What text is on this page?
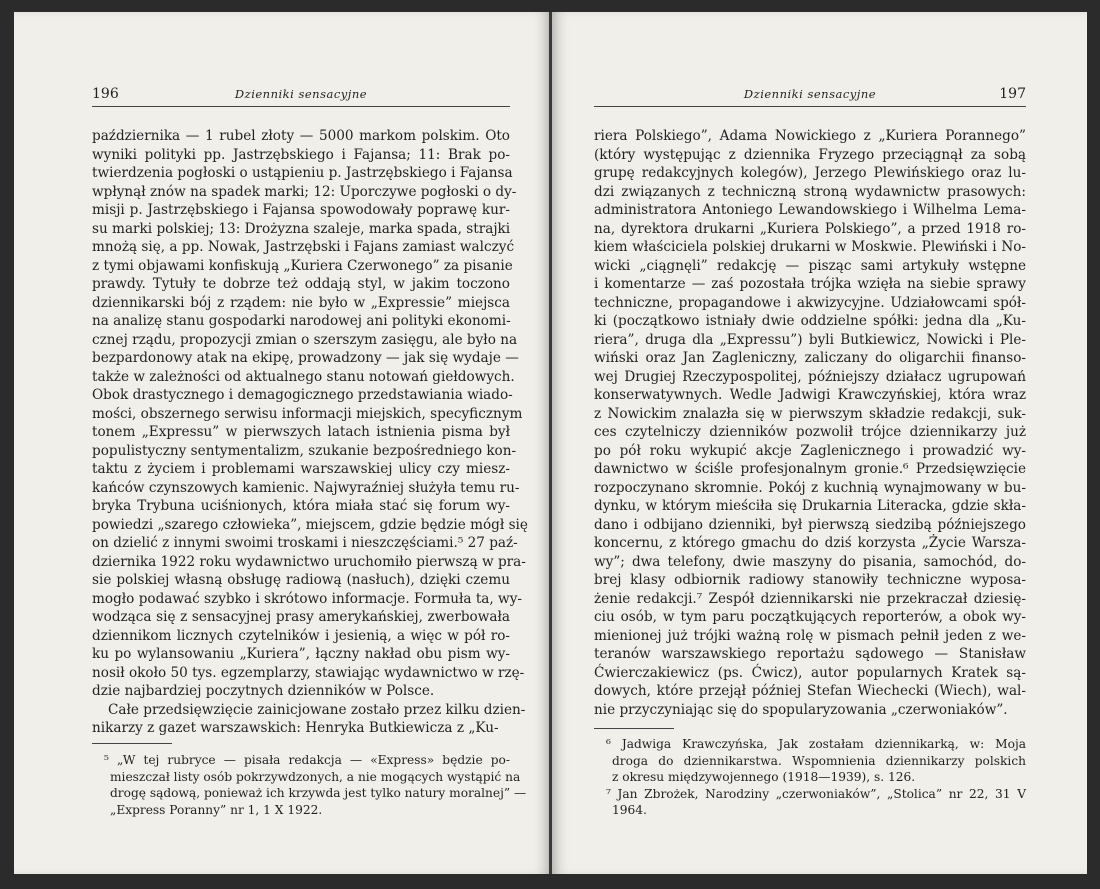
196	Dzienniki sensacyjne
października — 1 rubel złoty — 5000 markom polskim. Oto
wyniki polityki pp. Jastrzębskiego i Fajansa; 11: Brak po-
twierdzenia pogłoski o ustąpieniu p. Jastrzębskiego i Fajansa
wpłynął znów na spadek marki; 12: Uporczywe pogłoski o dy-
misji p. Jastrzębskiego i Fajansa spowodowały poprawę kur-
su marki polskiej; 13: Drożyzna szaleje, marka spada, strajki
mnożą się, a pp. Nowak, Jastrzębski i Fajans zamiast walczyć
z tymi objawami konfiskują „Kuriera Czerwonego” za pisanie
prawdy. Tytuły te dobrze też oddają styl, w jakim toczono
dziennikarski bój z rządem: nie było w „Expressie” miejsca
na analizę stanu gospodarki narodowej ani polityki ekonomi-
cznej rządu, propozycji zmian o szerszym zasięgu, ale było na
bezpardonowy atak na ekipę, prowadzony — jak się wydaje —
także w zależności od aktualnego stanu notowań giełdowych.
Obok drastycznego i demagogicznego przedstawiania wiado-
mości, obszernego serwisu informacji miejskich, specyficznym
tonem „Expressu” w pierwszych latach istnienia pisma był
populistyczny sentymentalizm, szukanie bezpośredniego kon-
taktu z życiem i problemami warszawskiej ulicy czy miesz-
kańców czynszowych kamienic. Najwyraźniej służyła temu ru-
bryka Trybuna uciśnionych, która miała stać się forum wy-
powiedzi „szarego człowieka”, miejscem, gdzie będzie mógł się
on dzielić z innymi swoimi troskami i nieszczęściami.⁵ 27 paź-
dziernika 1922 roku wydawnictwo uruchomiło pierwszą w pra-
sie polskiej własną obsługę radiową (nasłuch), dzięki czemu
mogło podawać szybko i skrótowo informacje. Formuła ta, wy-
wodząca się z sensacyjnej prasy amerykańskiej, zwerbowała
dziennikom licznych czytelników i jesienią, a więc w pół ro-
ku po wylansowaniu „Kuriera”, łączny nakład obu pism wy-
nosił około 50 tys. egzemplarzy, stawiając wydawnictwo w rzę-
dzie najbardziej poczytnych dzienników w Polsce.
Całe przedsięwzięcie zainicjowane zostało przez kilku dzien-
nikarzy z gazet warszawskich: Henryka Butkiewicza z „Ku-
⁵ „W tej rubryce — pisała redakcja — «Express» będzie po-
mieszczał listy osób pokrzywdzonych, a nie mogących wystąpić na
drogę sądową, ponieważ ich krzywda jest tylko natury moralnej” —
„Express Poranny” nr 1, 1 X 1922.
Dzienniki sensacyjne	197
riera Polskiego”, Adama Nowickiego z „Kuriera Porannego”
(który występując z dziennika Fryzego przeciągnął za sobą
grupę redakcyjnych kolegów), Jerzego Plewińskiego oraz lu-
dzi związanych z techniczną stroną wydawnictw prasowych:
administratora Antoniego Lewandowskiego i Wilhelma Lema-
na, dyrektora drukarni „Kuriera Polskiego”, a przed 1918 ro-
kiem właściciela polskiej drukarni w Moskwie. Plewiński i No-
wicki „ciągnęli” redakcję — pisząc sami artykuły wstępne
i komentarze — zaś pozostała trójka wzięła na siebie sprawy
techniczne, propagandowe i akwizycyjne. Udziałowcami spół-
ki (początkowo istniały dwie oddzielne spółki: jedna dla „Ku-
riera”, druga dla „Expressu”) byli Butkiewicz, Nowicki i Ple-
wiński oraz Jan Zagleniczny, zaliczany do oligarchii finanso-
wej Drugiej Rzeczypospolitej, późniejszy działacz ugrupowań
konserwatywnych. Wedle Jadwigi Krawczyńskiej, która wraz
z Nowickim znalazła się w pierwszym składzie redakcji, suk-
ces czytelniczy dzienników pozwolił trójce dziennikarzy już
po pół roku wykupić akcje Zaglenicznego i prowadzić wy-
dawnictwo w ściśle profesjonalnym gronie.⁶ Przedsięwzięcie
rozpoczynano skromnie. Pokój z kuchnią wynajmowany w bu-
dynku, w którym mieściła się Drukarnia Literacka, gdzie skła-
dano i odbijano dzienniki, był pierwszą siedzibą późniejszego
koncernu, z którego gmachu do dziś korzysta „Życie Warsza-
wy”; dwa telefony, dwie maszyny do pisania, samochód, do-
brej klasy odbiornik radiowy stanowiły techniczne wyposa-
żenie redakcji.⁷ Zespół dziennikarski nie przekraczał dziesię-
ciu osób, w tym paru początkujących reporterów, a obok wy-
mienionej już trójki ważną rolę w pismach pełnił jeden z we-
teranów warszawskiego reportażu sądowego — Stanisław
Ćwierczakiewicz (ps. Ćwicz), autor popularnych Kratek są-
dowych, które przejął później Stefan Wiechecki (Wiech), wal-
nie przyczyniając się do spopularyzowania „czerwoniaków”.
⁶ Jadwiga Krawczyńska, Jak zostałam dziennikarką, w: Moja
droga do dziennikarstwa. Wspomnienia dziennikarzy polskich
z okresu międzywojennego (1918—1939), s. 126.
⁷ Jan Zbrożek, Narodziny „czerwoniaków”, „Stolica” nr 22, 31 V
1964.
